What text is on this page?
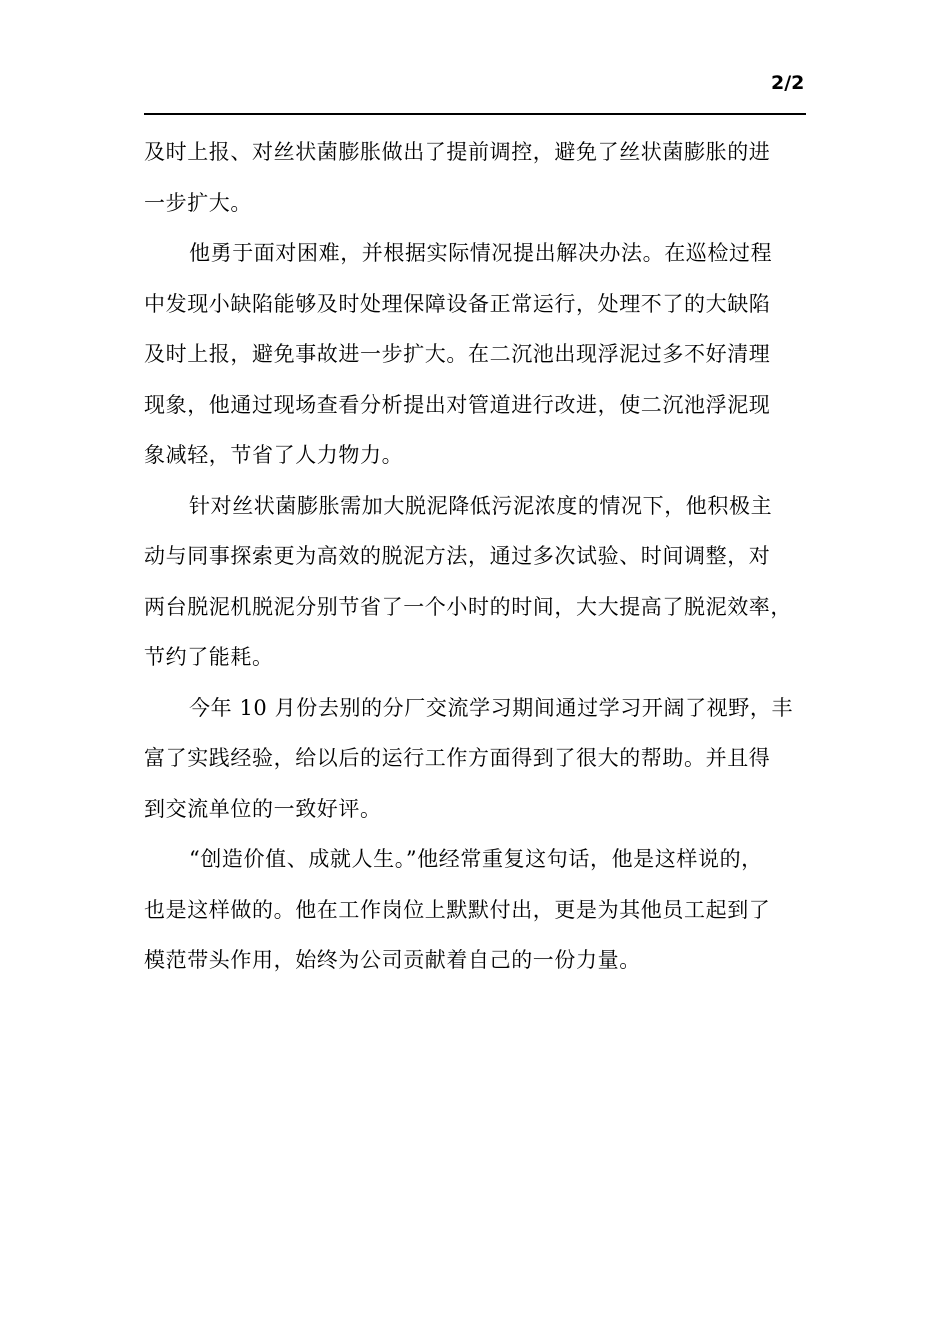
2/2
及时上报、对丝状菌膨胀做出了提前调控，避免了丝状菌膨胀的进
一步扩大。
他勇于面对困难，并根据实际情况提出解决办法。在巡检过程
中发现小缺陷能够及时处理保障设备正常运行，处理不了的大缺陷
及时上报，避免事故进一步扩大。在二沉池出现浮泥过多不好清理
现象，他通过现场查看分析提出对管道进行改进，使二沉池浮泥现
象减轻，节省了人力物力。
针对丝状菌膨胀需加大脱泥降低污泥浓度的情况下，他积极主
动与同事探索更为高效的脱泥方法，通过多次试验、时间调整，对
两台脱泥机脱泥分别节省了一个小时的时间，大大提高了脱泥效率，
节约了能耗。
今年 10 月份去别的分厂交流学习期间通过学习开阔了视野，丰
富了实践经验，给以后的运行工作方面得到了很大的帮助。并且得
到交流单位的一致好评。
“创造价值、成就人生。”他经常重复这句话，他是这样说的，
也是这样做的。他在工作岗位上默默付出，更是为其他员工起到了
模范带头作用，始终为公司贡献着自己的一份力量。
